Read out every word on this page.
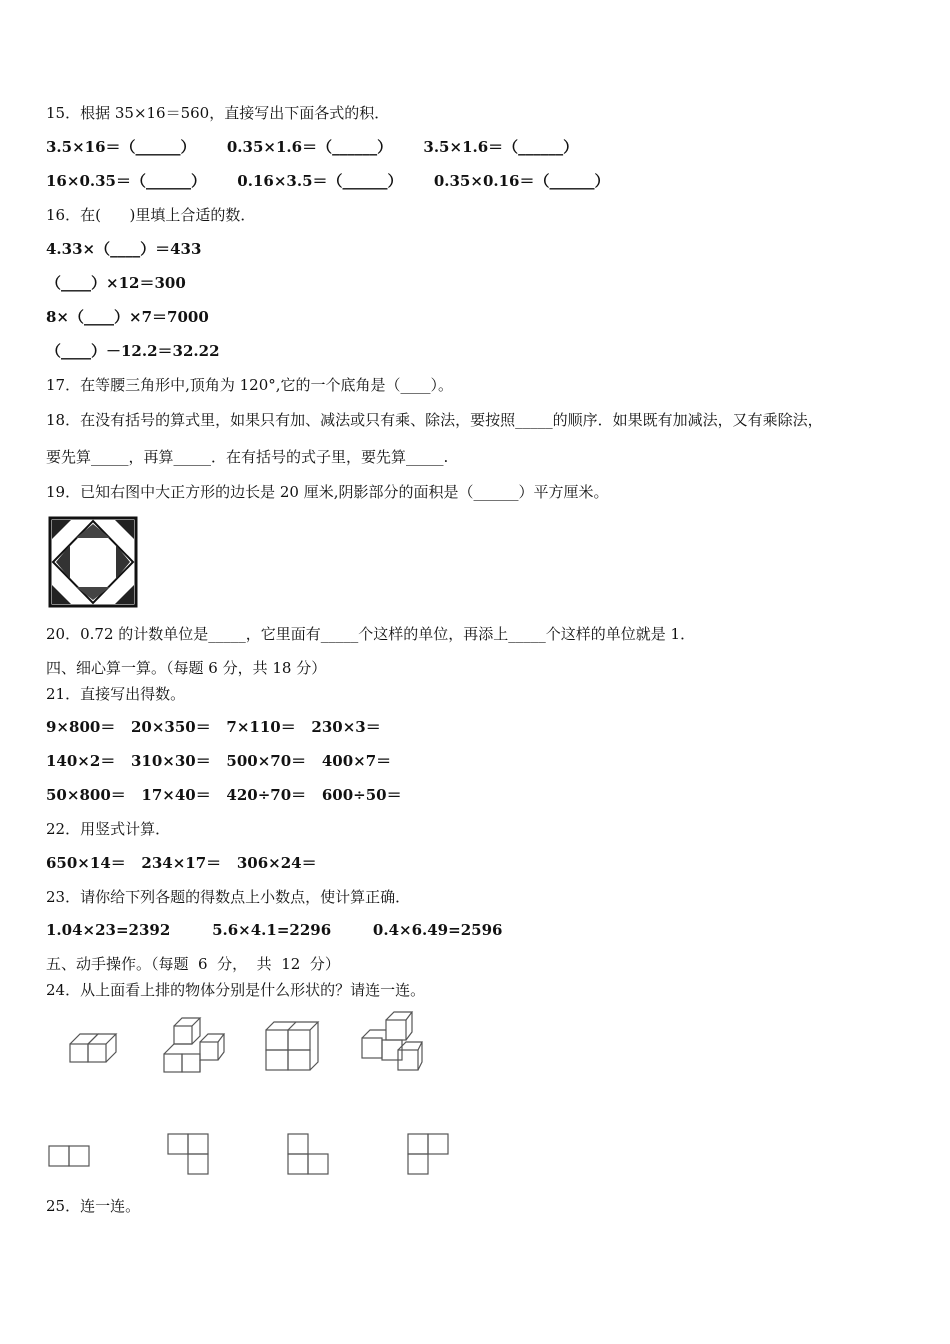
15．根据 35×16＝560，直接写出下面各式的积．
3.5×16＝（______）      0.35×1.6＝（______）      3.5×1.6＝（______）
16×0.35＝（______）      0.16×3.5＝（______）      0.35×0.16＝（______）
16．在(      )里填上合适的数．
4.33×（____）＝433
（____）×12＝300
8×（____）×7＝7000
（____）－12.2＝32.22
17．在等腰三角形中,顶角为 120°,它的一个底角是（____）。
18．在没有括号的算式里，如果只有加、减法或只有乘、除法，要按照_____的顺序．如果既有加减法，又有乘除法，
要先算_____，再算_____．在有括号的式子里，要先算_____.
19．已知右图中大正方形的边长是 20 厘米,阴影部分的面积是（______）平方厘米。
20．0.72 的计数单位是_____，它里面有_____个这样的单位，再添上_____个这样的单位就是 1．
四、细心算一算。（每题 6 分，共 18 分）
21．直接写出得数。
9×800＝   20×350＝   7×110＝   230×3＝
140×2＝   310×30＝   500×70＝   400×7＝
50×800＝   17×40＝   420÷70＝   600÷50＝
22．用竖式计算．
650×14＝   234×17＝   306×24＝
23．请你给下列各题的得数点上小数点，使计算正确．
1.04×23=2392        5.6×4.1=2296        0.4×6.49=2596
五、动手操作。（每题  6  分，  共  12  分）
24．从上面看上排的物体分别是什么形状的？请连一连。
25．连一连。
